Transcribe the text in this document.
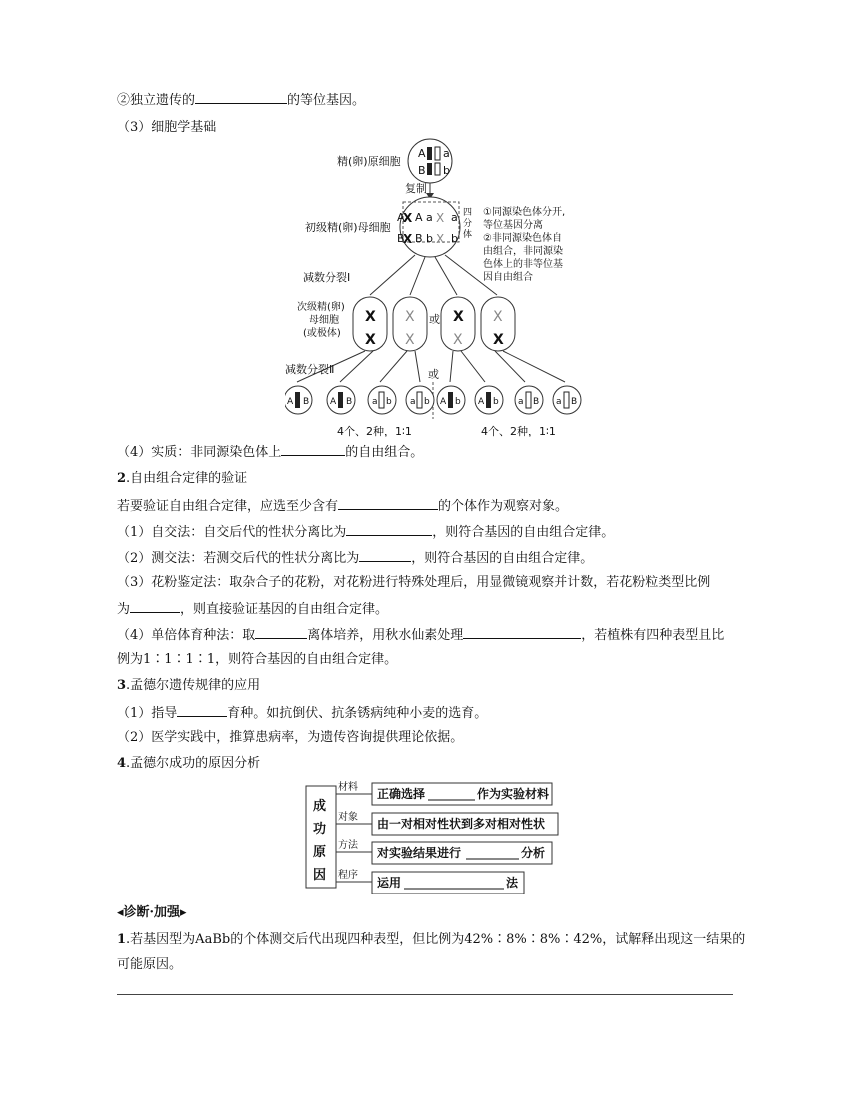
②独立遗传的	的等位基因。
（3）细胞学基础
精(卵)原细胞
A a
B b
复制
初级精(卵)母细胞
X
X
A A a a
B B b b
X
X
四
分
体
①同源染色体分开,
等位基因分离
②非同源染色体自
由组合，非同源染
色体上的非等位基
因自由组合
减数分裂Ⅰ
次级精(卵)
母细胞
(或极体)
X
X
X
X
X
X	X
X
或
减数分裂Ⅱ	或
A B A B a b a b A b A b a B a B
4个、2种，1∶1	4个、2种，1∶1
（4）实质：非同源染色体上	的自由组合。
2.自由组合定律的验证
若要验证自由组合定律，应选至少含有	的个体作为观察对象。
（1）自交法：自交后代的性状分离比为	，则符合基因的自由组合定律。
（2）测交法：若测交后代的性状分离比为	，则符合基因的自由组合定律。
（3）花粉鉴定法：取杂合子的花粉，对花粉进行特殊处理后，用显微镜观察并计数，若花粉粒类型比例
为	，则直接验证基因的自由组合定律。
（4）单倍体育种法：取	离体培养，用秋水仙素处理	，若植株有四种表型且比
例为1∶1∶1∶1，则符合基因的自由组合定律。
3.孟德尔遗传规律的应用
（1）指导	育种。如抗倒伏、抗条锈病纯种小麦的选育。
（2）医学实践中，推算患病率，为遗传咨询提供理论依据。
4.孟德尔成功的原因分析
成
功
原
因
材料
对象
方法
程序
正确选择	作为实验材料
由一对相对性状到多对相对性状
对实验结果进行	分析
运用	法
◂诊断·加强▸
1.若基因型为AaBb的个体测交后代出现四种表型，但比例为42%∶8%∶8%∶42%，试解释出现这一结果的
可能原因。
